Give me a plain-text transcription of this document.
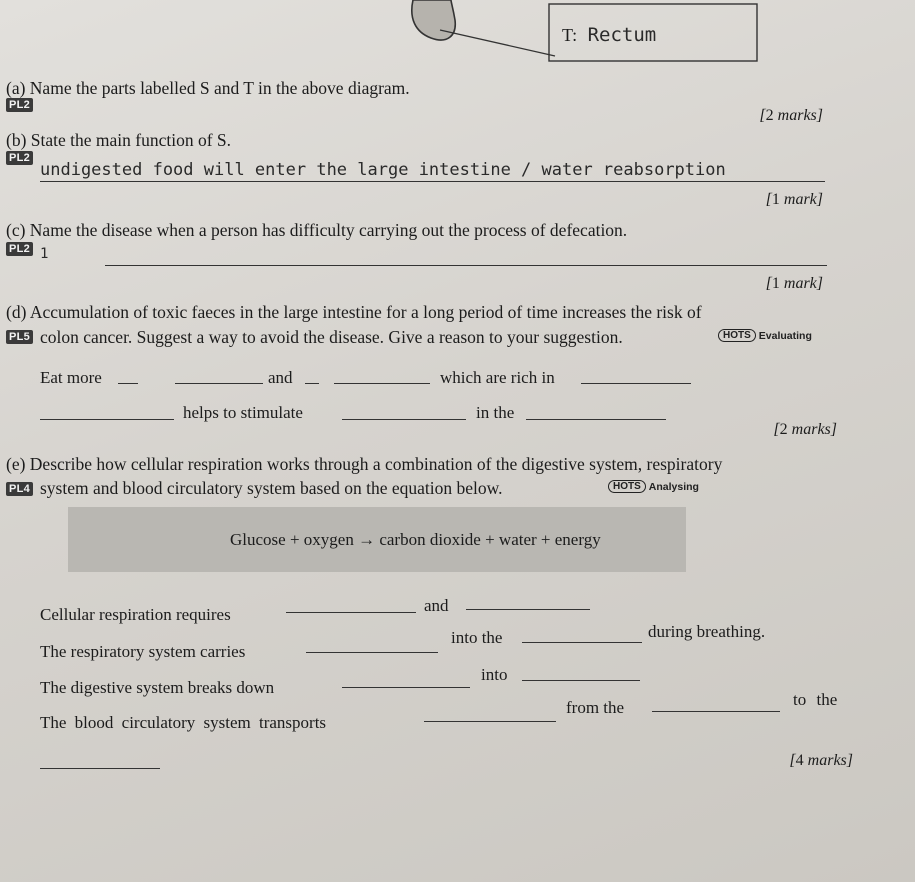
T: Rectum
(a) Name the parts labelled S and T in the above diagram.
PL2
[2 marks]
(b) State the main function of S.
PL2
undigested food will enter the large intestine / water reabsorption
[1 mark]
(c) Name the disease when a person has difficulty carrying out the process of defecation.
PL2 1
[1 mark]
(d) Accumulation of toxic faeces in the large intestine for a long period of time increases the risk of
PL5 colon cancer. Suggest a way to avoid the disease. Give a reason to your suggestion.	HOTS Evaluating
Eat more	and	which are rich in
helps to stimulate	in the
[2 marks]
(e) Describe how cellular respiration works through a combination of the digestive system, respiratory
PL4 system and blood circulatory system based on the equation below.	HOTS Analysing
Glucose + oxygen → carbon dioxide + water + energy
Cellular respiration requires	and
The respiratory system carries
into the	during breathing.
The digestive system breaks down
into
The blood circulatory system transports
from the	to the
[4 marks]
